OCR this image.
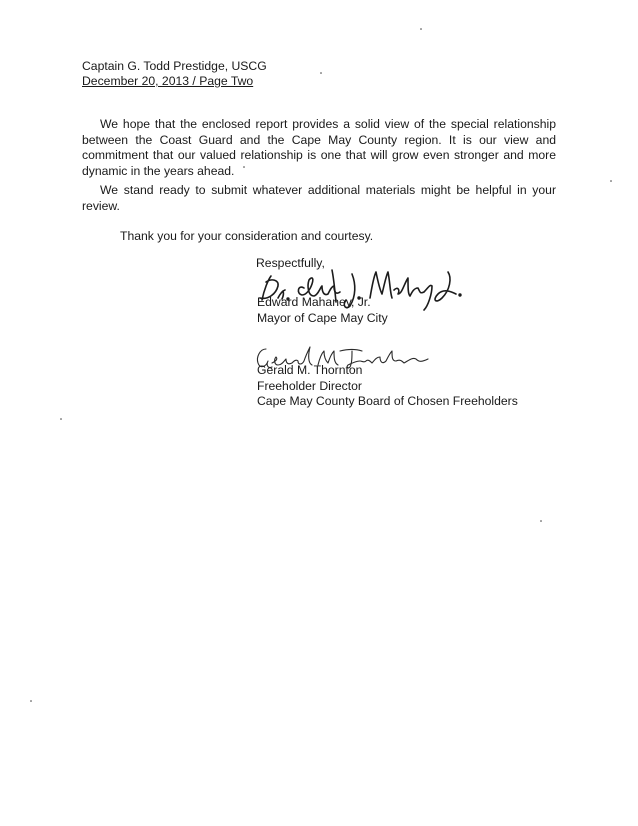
Captain G. Todd Prestidge, USCG
December 20, 2013 / Page Two

We hope that the enclosed report provides a solid view of the special relationship between the Coast Guard and the Cape May County region. It is our view and commitment that our valued relationship is one that will grow even stronger and more dynamic in the years ahead.

We stand ready to submit whatever additional materials might be helpful in your review.

Thank you for your consideration and courtesy.

Respectfully,
Edward Mahaney, Jr.
Mayor of Cape May City
Gerald M. Thornton
Freeholder Director
Cape May County Board of Chosen Freeholders
